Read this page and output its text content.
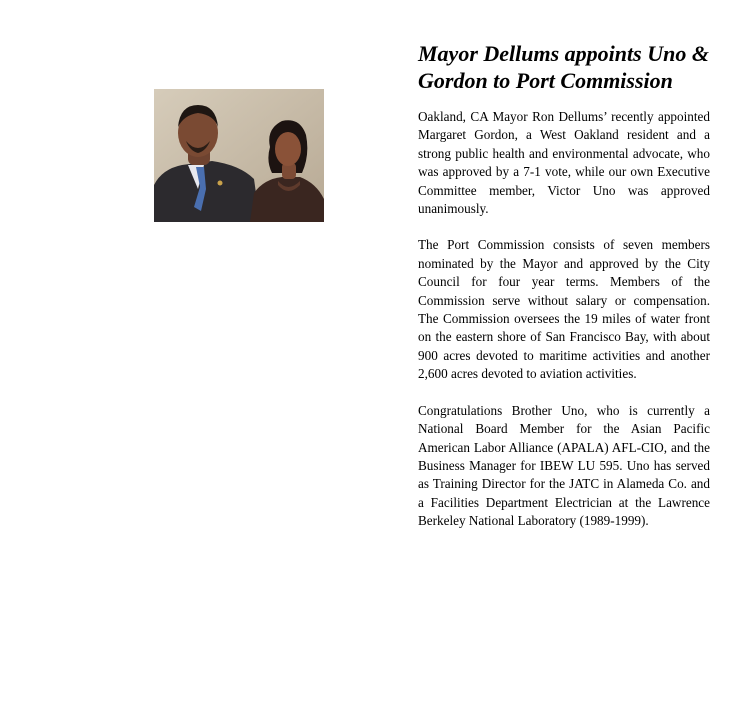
Mayor Dellums appoints Uno & Gordon to Port Commission

Oakland, CA Mayor Ron Dellums’ recently appointed Margaret Gordon, a West Oakland resident and a strong public health and environmental advocate, who was approved by a 7-1 vote, while our own Executive Committee member, Victor Uno was approved unanimously.

The Port Commission consists of seven members nominated by the Mayor and approved by the City Council for four year terms. Members of the Commission serve without salary or compensation. The Commission oversees the 19 miles of water front on the eastern shore of San Francisco Bay, with about 900 acres devoted to maritime activities and another 2,600 acres devoted to aviation activities.

Congratulations Brother Uno, who is currently a National Board Member for the Asian Pacific American Labor Alliance (APALA) AFL-CIO, and the Business Manager for IBEW LU 595. Uno has served as Training Director for the JATC in Alameda Co. and a Facilities Department Electrician at the Lawrence Berkeley National Laboratory (1989-1999).
